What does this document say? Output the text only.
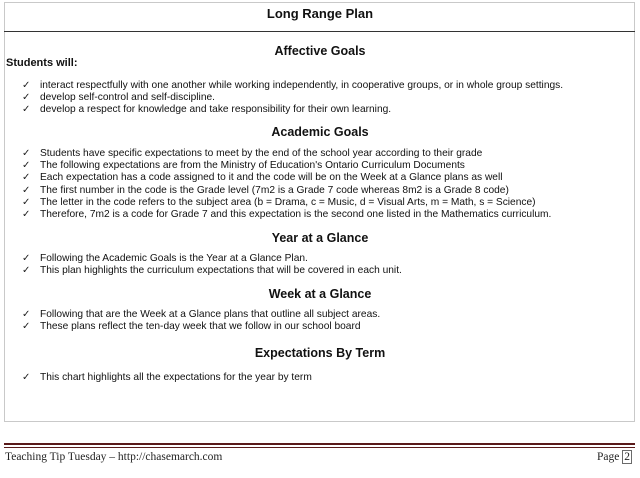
Long Range Plan
Affective Goals
Students will:
✓ interact respectfully with one another while working independently, in cooperative groups, or in whole group settings.
✓ develop self-control and self-discipline.
✓ develop a respect for knowledge and take responsibility for their own learning.
Academic Goals
✓ Students have specific expectations to meet by the end of the school year according to their grade
✓ The following expectations are from the Ministry of Education's Ontario Curriculum Documents
✓ Each expectation has a code assigned to it and the code will be on the Week at a Glance plans as well
✓ The first number in the code is the Grade level (7m2 is a Grade 7 code whereas 8m2 is a Grade 8 code)
✓ The letter in the code refers to the subject area (b = Drama, c = Music, d = Visual Arts, m = Math, s = Science)
✓ Therefore, 7m2 is a code for Grade 7 and this expectation is the second one listed in the Mathematics curriculum.
Year at a Glance
✓ Following the Academic Goals is the Year at a Glance Plan.
✓ This plan highlights the curriculum expectations that will be covered in each unit.
Week at a Glance
✓ Following that are the Week at a Glance plans that outline all subject areas.
✓ These plans reflect the ten-day week that we follow in our school board
Expectations By Term
✓ This chart highlights all the expectations for the year by term
Teaching Tip Tuesday – http://chasemarch.com	Page 2
